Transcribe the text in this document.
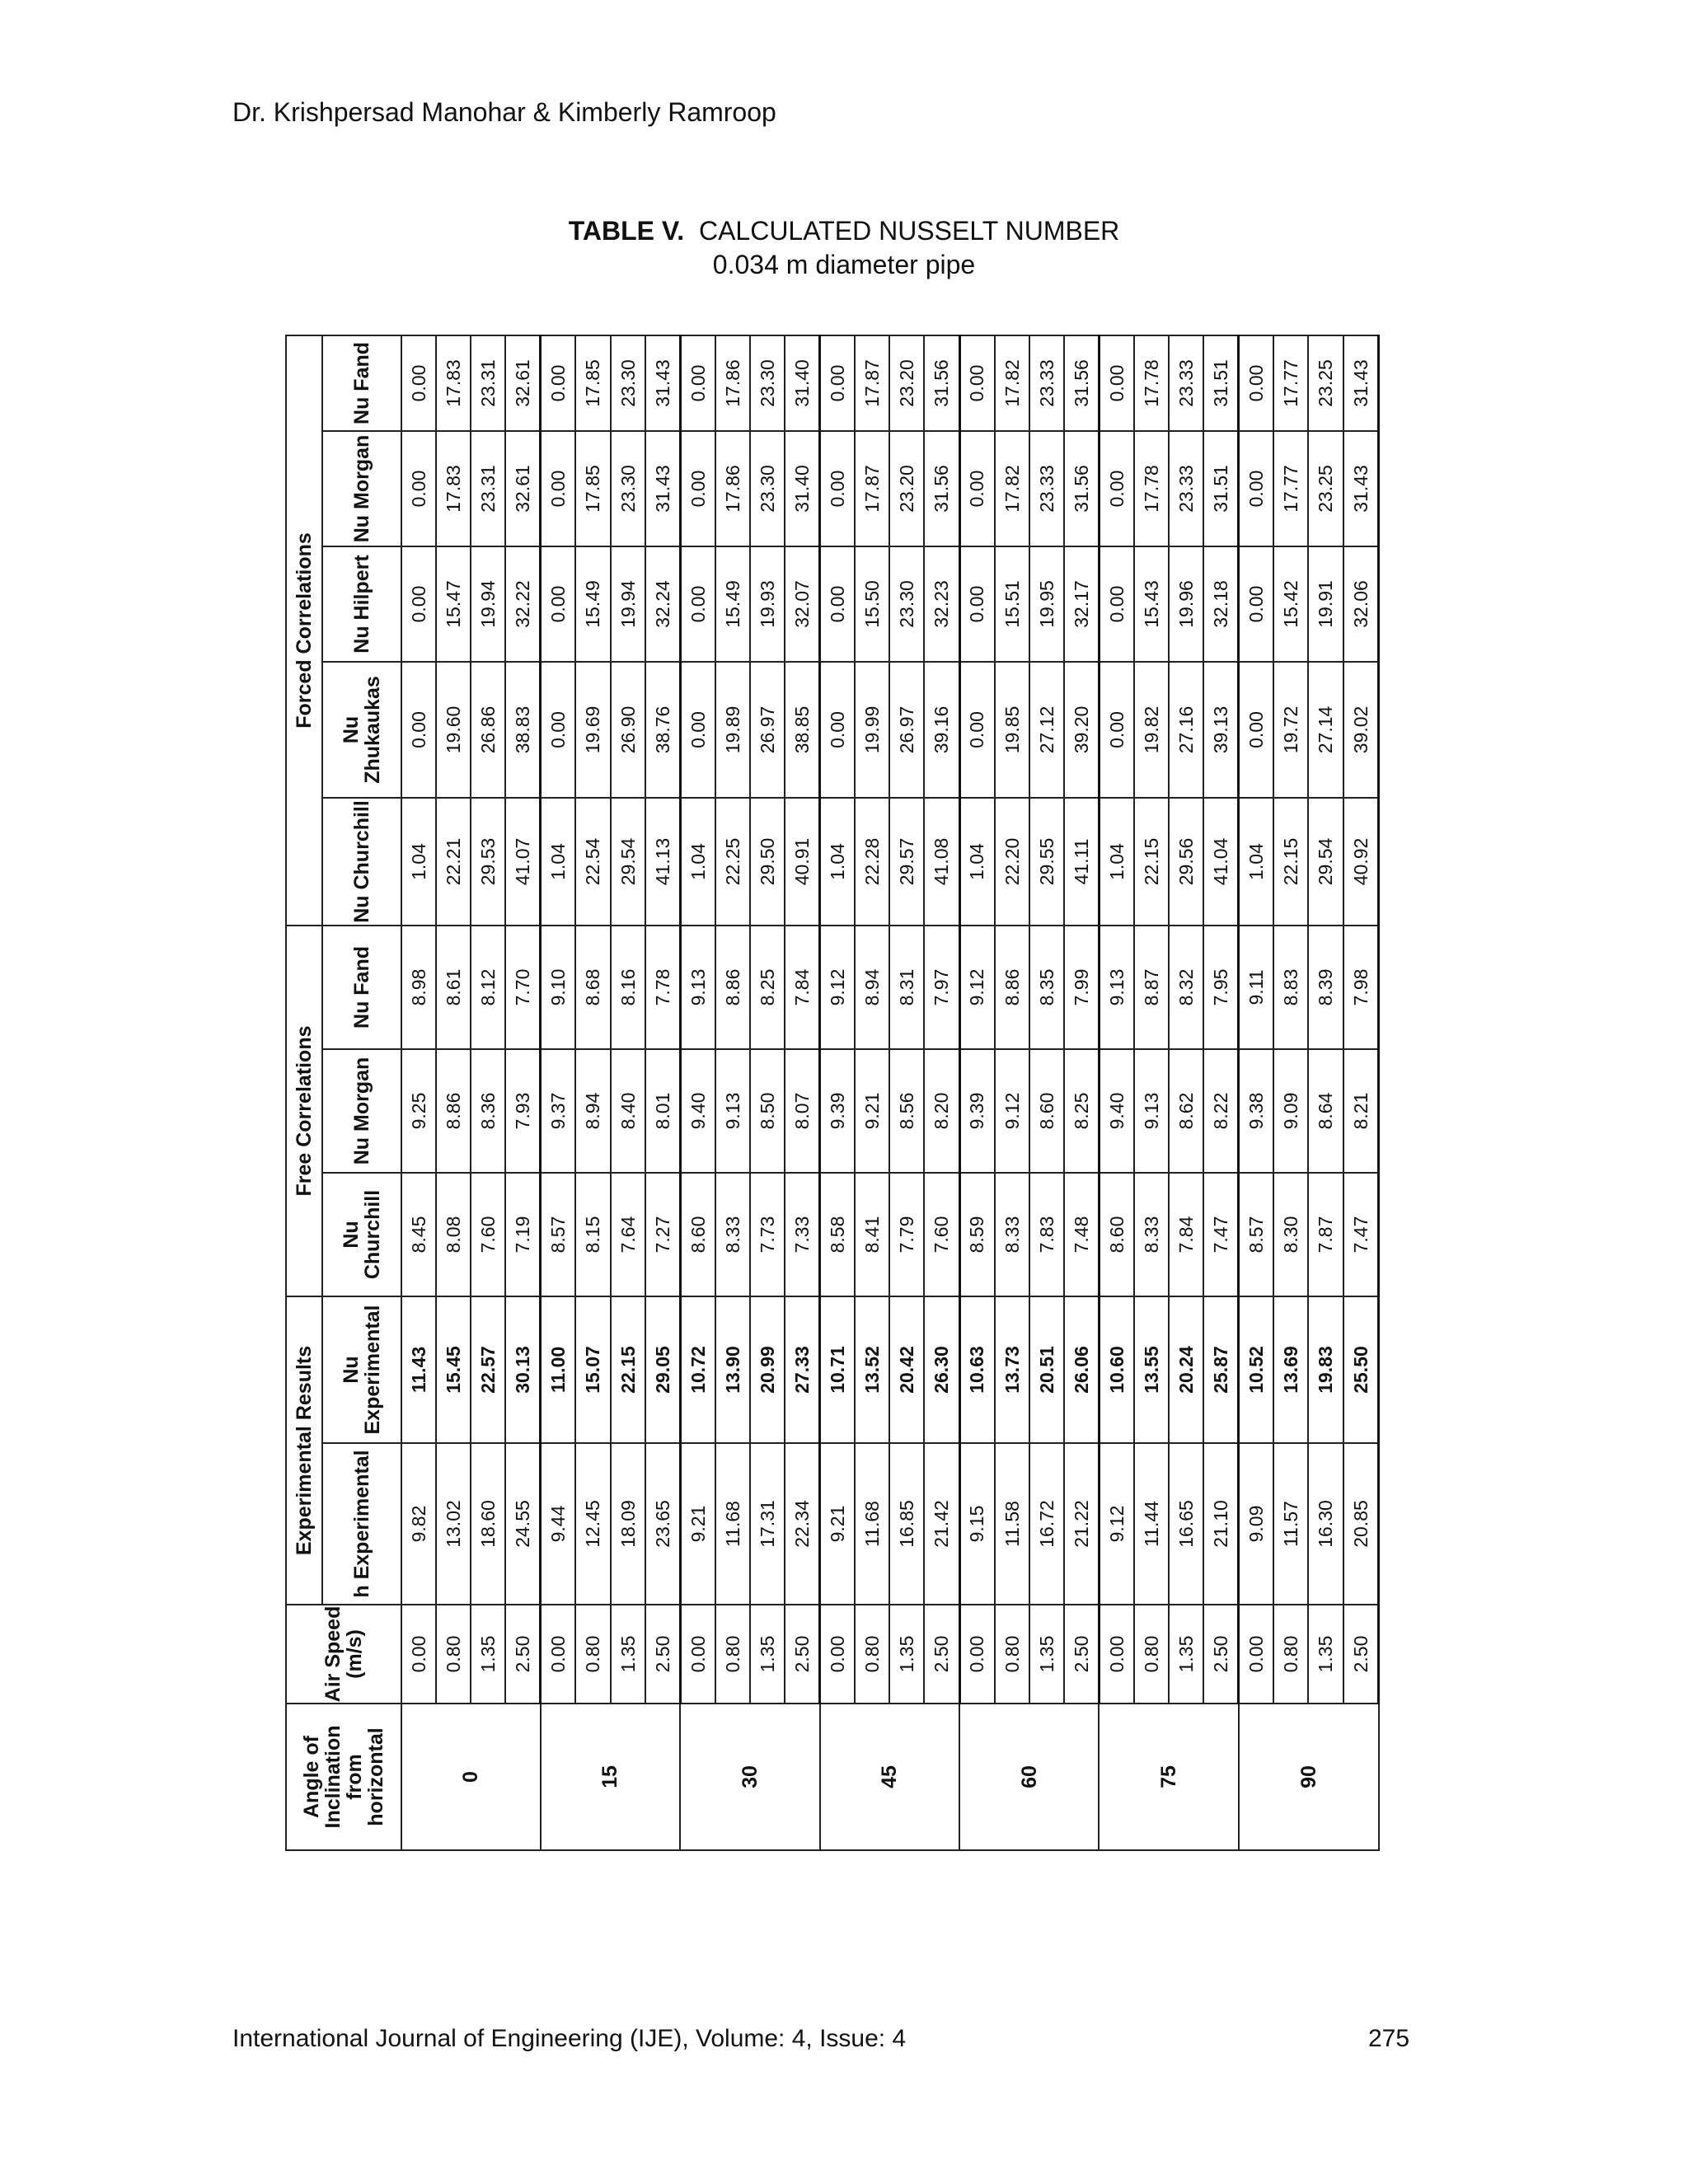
Dr. Krishpersad Manohar & Kimberly Ramroop
TABLE V. CALCULATED NUSSELT NUMBER
0.034 m diameter pipe
Angle of Inclination from horizontal	Air Speed (m/s)	Experimental Results		Free Correlations			Forced Correlations				
		h Experimental	Nu Experimental	Nu Churchill	Nu Morgan	Nu Fand	Nu Churchill	Nu Zhukaukas	Nu Hilpert	Nu Morgan	Nu Fand
0	0.00	9.82	11.43	8.45	9.25	8.98	1.04	0.00	0.00	0.00	0.00
	0.80	13.02	15.45	8.08	8.86	8.61	22.21	19.60	15.47	17.83	17.83
	1.35	18.60	22.57	7.60	8.36	8.12	29.53	26.86	19.94	23.31	23.31
	2.50	24.55	30.13	7.19	7.93	7.70	41.07	38.83	32.22	32.61	32.61
15	0.00	9.44	11.00	8.57	9.37	9.10	1.04	0.00	0.00	0.00	0.00
	0.80	12.45	15.07	8.15	8.94	8.68	22.54	19.69	15.49	17.85	17.85
	1.35	18.09	22.15	7.64	8.40	8.16	29.54	26.90	19.94	23.30	23.30
	2.50	23.65	29.05	7.27	8.01	7.78	41.13	38.76	32.24	31.43	31.43
30	0.00	9.21	10.72	8.60	9.40	9.13	1.04	0.00	0.00	0.00	0.00
	0.80	11.68	13.90	8.33	9.13	8.86	22.25	19.89	15.49	17.86	17.86
	1.35	17.31	20.99	7.73	8.50	8.25	29.50	26.97	19.93	23.30	23.30
	2.50	22.34	27.33	7.33	8.07	7.84	40.91	38.85	32.07	31.40	31.40
45	0.00	9.21	10.71	8.58	9.39	9.12	1.04	0.00	0.00	0.00	0.00
	0.80	11.68	13.52	8.41	9.21	8.94	22.28	19.99	15.50	17.87	17.87
	1.35	16.85	20.42	7.79	8.56	8.31	29.57	26.97	23.30	23.20	23.20
	2.50	21.42	26.30	7.60	8.20	7.97	41.08	39.16	32.23	31.56	31.56
60	0.00	9.15	10.63	8.59	9.39	9.12	1.04	0.00	0.00	0.00	0.00
	0.80	11.58	13.73	8.33	9.12	8.86	22.20	19.85	15.51	17.82	17.82
	1.35	16.72	20.51	7.83	8.60	8.35	29.55	27.12	19.95	23.33	23.33
	2.50	21.22	26.06	7.48	8.25	7.99	41.11	39.20	32.17	31.56	31.56
75	0.00	9.12	10.60	8.60	9.40	9.13	1.04	0.00	0.00	0.00	0.00
	0.80	11.44	13.55	8.33	9.13	8.87	22.15	19.82	15.43	17.78	17.78
	1.35	16.65	20.24	7.84	8.62	8.32	29.56	27.16	19.96	23.33	23.33
	2.50	21.10	25.87	7.47	8.22	7.95	41.04	39.13	32.18	31.51	31.51
90	0.00	9.09	10.52	8.57	9.38	9.11	1.04	0.00	0.00	0.00	0.00
	0.80	11.57	13.69	8.30	9.09	8.83	22.15	19.72	15.42	17.77	17.77
	1.35	16.30	19.83	7.87	8.64	8.39	29.54	27.14	19.91	23.25	23.25
	2.50	20.85	25.50	7.47	8.21	7.98	40.92	39.02	32.06	31.43	31.43
International Journal of Engineering (IJE), Volume: 4, Issue: 4	275
